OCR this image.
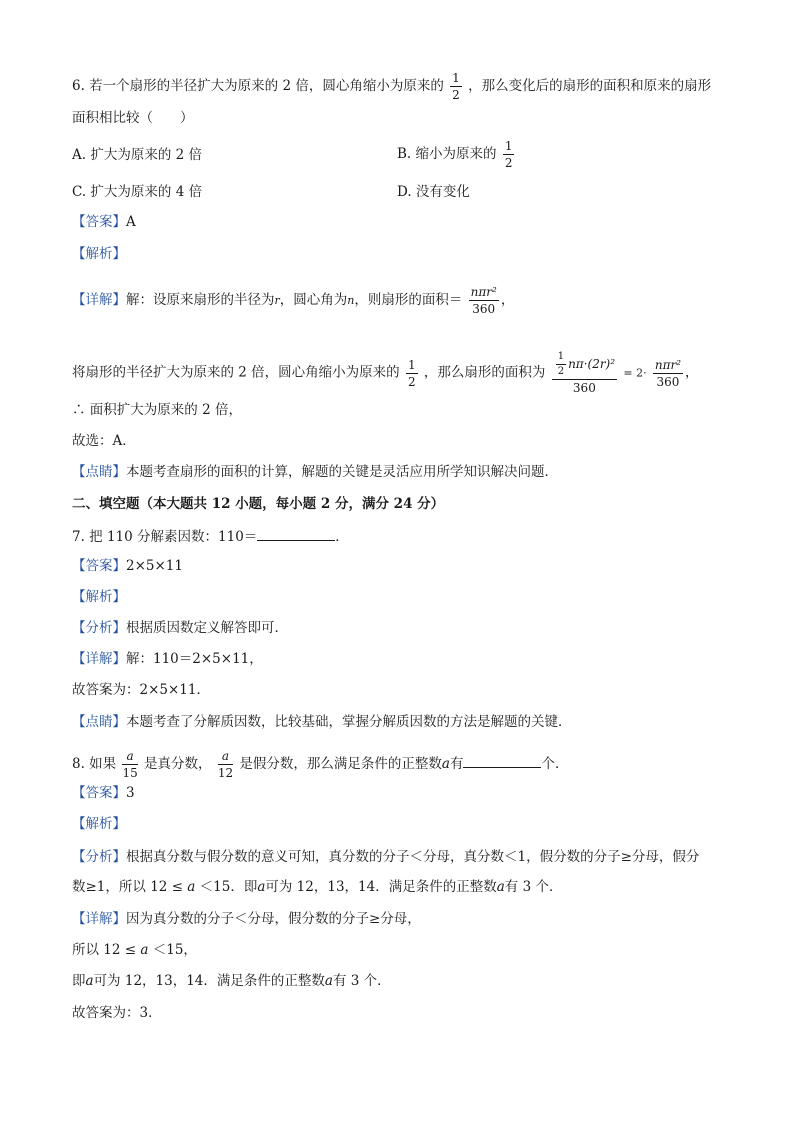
6. 若一个扇形的半径扩大为原来的 2 倍，圆心角缩小为原来的 $\frac{1}{2}$ ，那么变化后的扇形的面积和原来的扇形
面积相比较（　　）
A. 扩大为原来的 2 倍	B. 缩小为原来的 $\frac{1}{2}$
C. 扩大为原来的 4 倍	D. 没有变化
【答案】A
【解析】
【详解】解：设原来扇形的半径为r，圆心角为n，则扇形的面积＝ $\frac{\text{nπr²}}{360}$ ，
将扇形的半径扩大为原来的 2 倍，圆心角缩小为原来的 $\frac{1}{2}$ ，那么扇形的面积为 $\frac{\frac{1}{2} n\pi\cdot(2r)^2}{360} = 2\cdot \frac{\text{nπr²}}{360}$ ，
∴ 面积扩大为原来的 2 倍，
故选：A．
【点睛】本题考查扇形的面积的计算，解题的关键是灵活应用所学知识解决问题．
二、填空题（本大题共 12 小题，每小题 2 分，满分 24 分）
7. 把 110 分解素因数：110＝	．
【答案】2×5×11
【解析】
【分析】根据质因数定义解答即可．
【详解】解：110＝2×5×11，
故答案为：2×5×11．
【点睛】本题考查了分解质因数，比较基础，掌握分解质因数的方法是解题的关键．
8. 如果 $\frac{a}{15}$ 是真分数， $\frac{a}{12}$ 是假分数，那么满足条件的正整数a有	个．
【答案】3
【解析】
【分析】根据真分数与假分数的意义可知，真分数的分子＜分母，真分数＜1，假分数的分子≥分母，假分
数≥1，所以 12 ≤ a ＜15．即a可为 12，13，14．满足条件的正整数a有 3 个．
【详解】因为真分数的分子＜分母，假分数的分子≥分母，
所以 12 ≤ a ＜15，
即a可为 12，13，14．满足条件的正整数a有 3 个．
故答案为：3．
